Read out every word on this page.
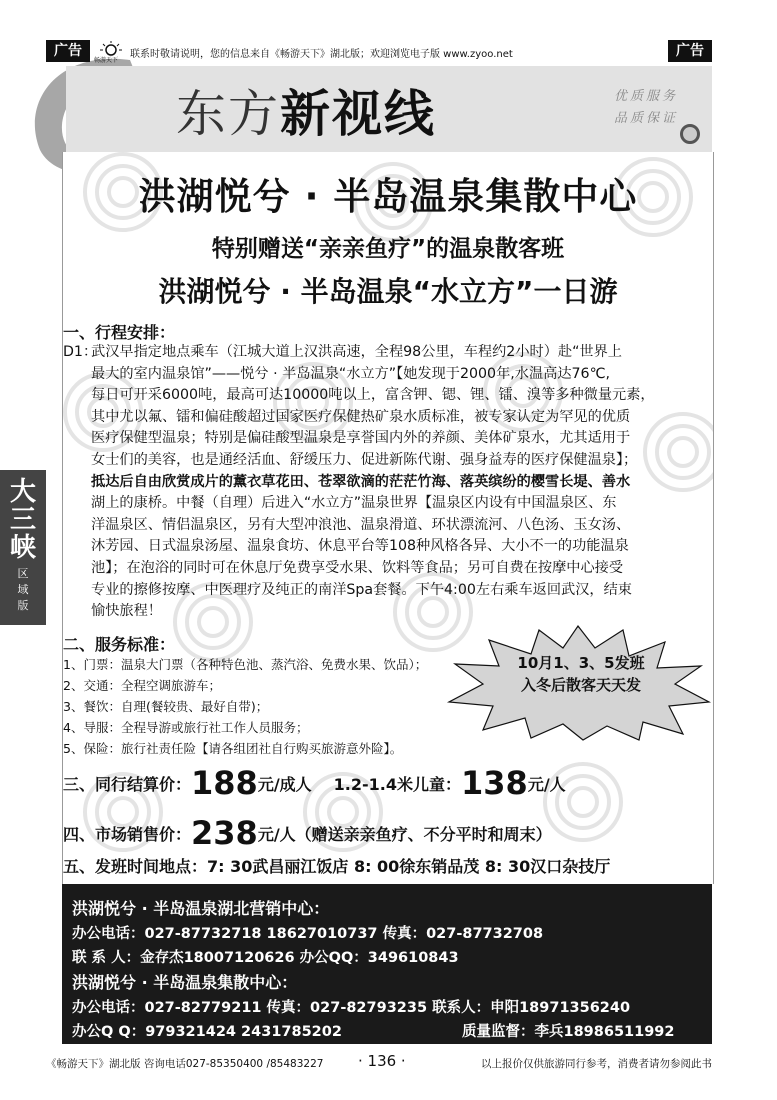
广告
畅游天下
联系时敬请说明，您的信息来自《畅游天下》湖北版；欢迎浏览电子版 www.zyoo.net	广告
东方新视线	优质服务
品质保证
大
三
峡
区
域
版
洪湖悦兮 · 半岛温泉集散中心
特别赠送“亲亲鱼疗”的温泉散客班
洪湖悦兮 · 半岛温泉“水立方”一日游
一、行程安排：
D1：武汉早指定地点乘车（江城大道上汉洪高速，全程98公里，车程约2小时）赴“世界上
最大的室内温泉馆”——悦兮 · 半岛温泉“水立方”【她发现于2000年,水温高达76℃,
每日可开采6000吨，最高可达10000吨以上，富含钾、锶、锂、镭、溴等多种微量元素，
其中尤以氟、镭和偏硅酸超过国家医疗保健热矿泉水质标准，被专家认定为罕见的优质
医疗保健型温泉；特别是偏硅酸型温泉是享誉国内外的养颜、美体矿泉水，尤其适用于
女士们的美容，也是通经活血、舒缓压力、促进新陈代谢、强身益寿的医疗保健温泉】；
抵达后自由欣赏成片的薰衣草花田、苍翠欲滴的茫茫竹海、落英缤纷的樱雪长堤、善水
湖上的康桥。中餐（自理）后进入“水立方”温泉世界【温泉区内设有中国温泉区、东
洋温泉区、情侣温泉区，另有大型冲浪池、温泉滑道、环状漂流河、八色汤、玉女汤、
沐芳园、日式温泉汤屋、温泉食坊、休息平台等108种风格各异、大小不一的功能温泉
池】；在泡浴的同时可在休息厅免费享受水果、饮料等食品；另可自费在按摩中心接受
专业的擦修按摩、中医理疗及纯正的南洋Spa套餐。下午4:00左右乘车返回武汉，结束
愉快旅程！
二、服务标准：
1、门票：温泉大门票（各种特色池、蒸汽浴、免费水果、饮品）；
2、交通：全程空调旅游车；
3、餐饮：自理(餐较贵、最好自带)；
4、导服：全程导游或旅行社工作人员服务；
5、保险：旅行社责任险【请各组团社自行购买旅游意外险】。
10月1、3、5发班
入冬后散客天天发
三、同行结算价：188元/成人 1.2-1.4米儿童：138元/人
四、市场销售价：238元/人（赠送亲亲鱼疗、不分平时和周末）
五、发班时间地点：7: 30武昌丽江饭店 8: 00徐东销品茂 8: 30汉口杂技厅
洪湖悦兮 · 半岛温泉湖北营销中心：
办公电话：027-87732718 18627010737 传真：027-87732708
联 系 人：金存杰18007120626 办公QQ：349610843
洪湖悦兮 · 半岛温泉集散中心：
办公电话：027-82779211 传真：027-82793235 联系人：申阳18971356240
办公Q Q：979321424 2431785202	质量监督：李兵18986511992
《畅游天下》湖北版 咨询电话027-85350400 /85483227 · 136 ·	以上报价仅供旅游同行参考，消费者请勿参阅此书
